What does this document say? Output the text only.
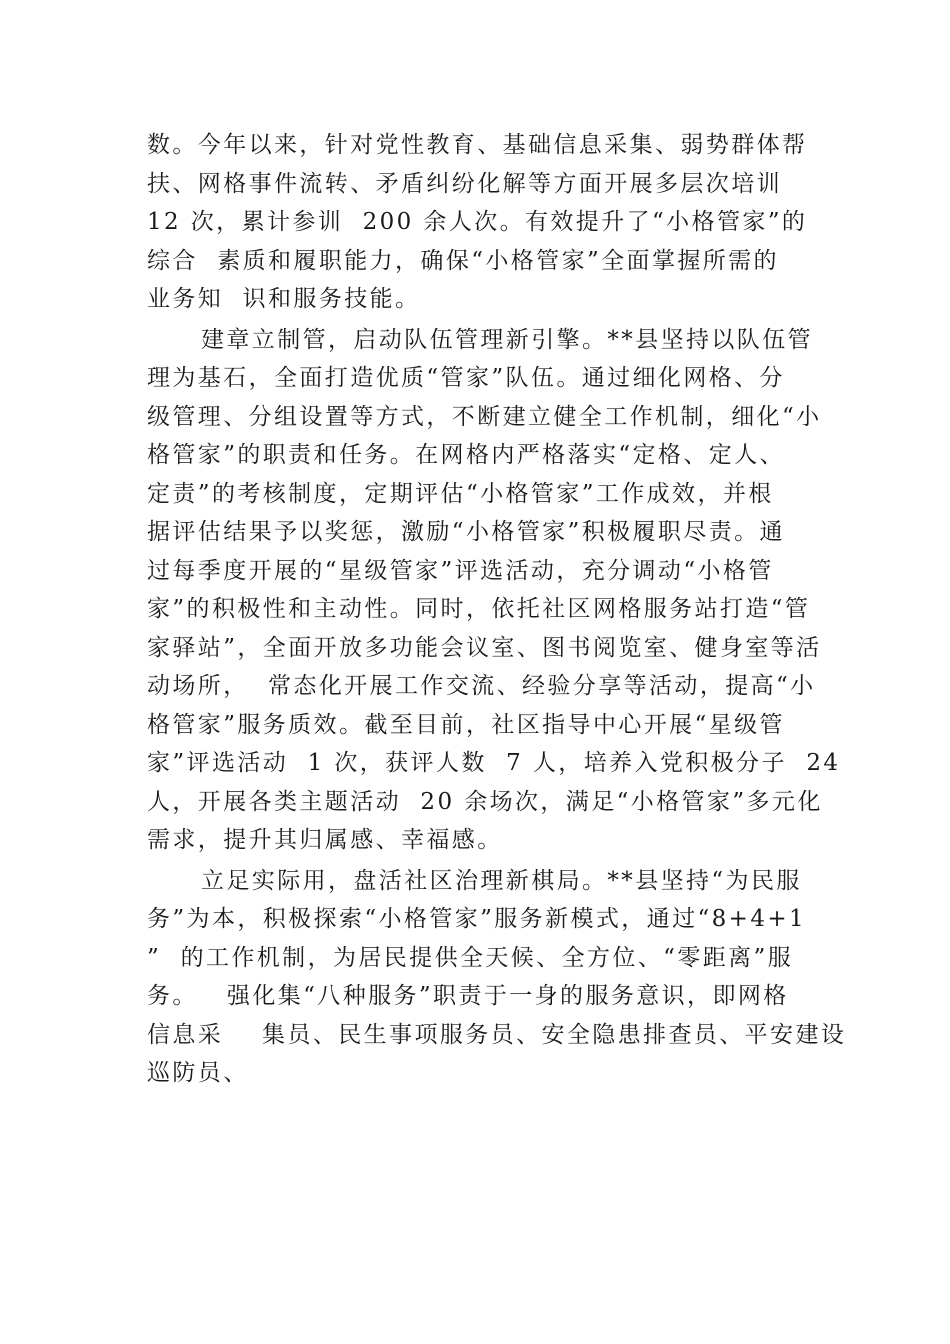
数。今年以来，针对党性教育、基础信息采集、弱势群体帮
扶、网格事件流转、矛盾纠纷化解等方面开展多层次培训
12 次，累计参训  200 余人次。有效提升了“小格管家”的
综合  素质和履职能力，确保“小格管家”全面掌握所需的
业务知  识和服务技能。
建章立制管，启动队伍管理新引擎。**县坚持以队伍管
理为基石，全面打造优质“管家”队伍。通过细化网格、分
级管理、分组设置等方式，不断建立健全工作机制，细化“小
格管家”的职责和任务。在网格内严格落实“定格、定人、
定责”的考核制度，定期评估“小格管家”工作成效，并根
据评估结果予以奖惩，激励“小格管家”积极履职尽责。通
过每季度开展的“星级管家”评选活动，充分调动“小格管
家”的积极性和主动性。同时，依托社区网格服务站打造“管
家驿站”，全面开放多功能会议室、图书阅览室、健身室等活
动场所，  常态化开展工作交流、经验分享等活动，提高“小
格管家”服务质效。截至目前，社区指导中心开展“星级管
家”评选活动  1 次，获评人数  7 人，培养入党积极分子  24
人，开展各类主题活动  20 余场次，满足“小格管家”多元化
需求，提升其归属感、幸福感。
立足实际用，盘活社区治理新棋局。**县坚持“为民服
务”为本，积极探索“小格管家”服务新模式，通过“8+4+1
”  的工作机制，为居民提供全天候、全方位、“零距离”服
务。   强化集“八种服务”职责于一身的服务意识，即网格
信息采    集员、民生事项服务员、安全隐患排查员、平安建设
巡防员、
